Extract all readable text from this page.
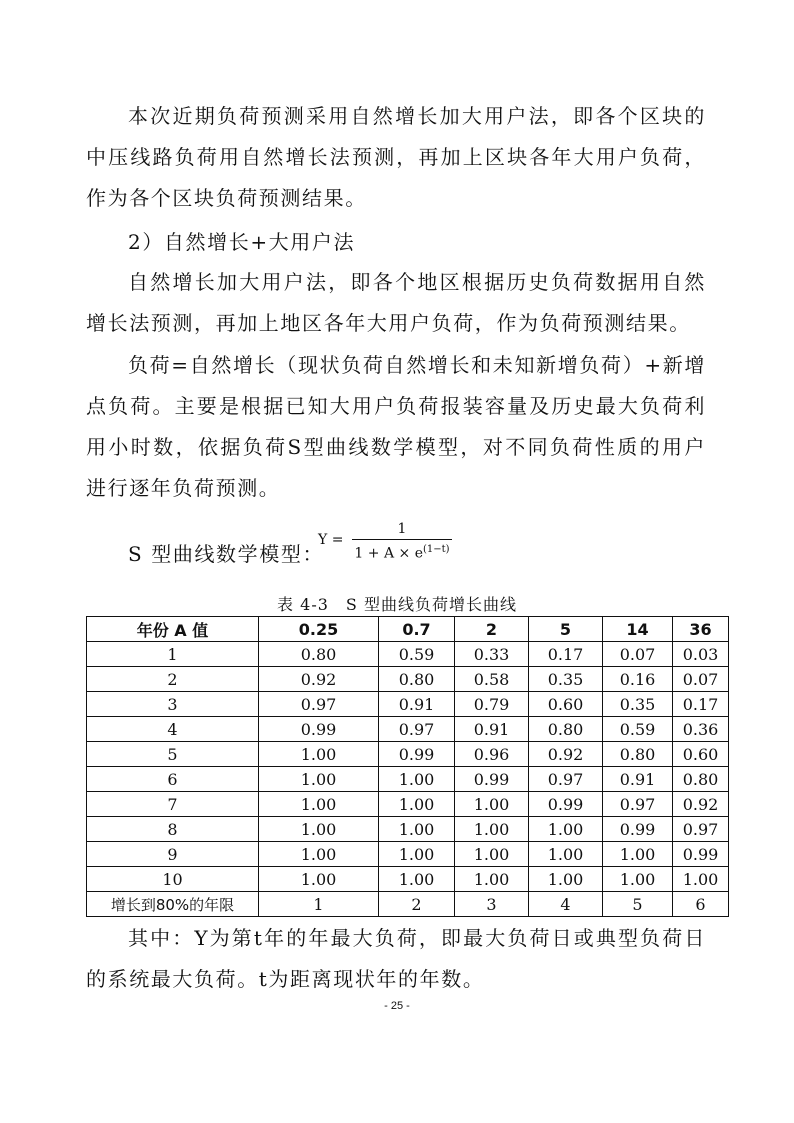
本次近期负荷预测采用自然增长加大用户法，即各个区块的中压线路负荷用自然增长法预测，再加上区块各年大用户负荷，作为各个区块负荷预测结果。

2）自然增长+大用户法

自然增长加大用户法，即各个地区根据历史负荷数据用自然增长法预测，再加上地区各年大用户负荷，作为负荷预测结果。

负荷=自然增长（现状负荷自然增长和未知新增负荷）+新增点负荷。主要是根据已知大用户负荷报装容量及历史最大负荷利用小时数，依据负荷S型曲线数学模型，对不同负荷性质的用户进行逐年负荷预测。

S 型曲线数学模型：
Y =
1
$1 + A \times e^{(1-t)}$
表 4-3　S 型曲线负荷增长曲线
年份 A 值	0.25	0.7	2	5	14	36
1	0.80	0.59	0.33	0.17	0.07	0.03
2	0.92	0.80	0.58	0.35	0.16	0.07
3	0.97	0.91	0.79	0.60	0.35	0.17
4	0.99	0.97	0.91	0.80	0.59	0.36
5	1.00	0.99	0.96	0.92	0.80	0.60
6	1.00	1.00	0.99	0.97	0.91	0.80
7	1.00	1.00	1.00	0.99	0.97	0.92
8	1.00	1.00	1.00	1.00	0.99	0.97
9	1.00	1.00	1.00	1.00	1.00	0.99
10	1.00	1.00	1.00	1.00	1.00	1.00
增长到80%的年限	1	2	3	4	5	6

其中：Y为第t年的年最大负荷，即最大负荷日或典型负荷日的系统最大负荷。t为距离现状年的年数。

- 25 -
